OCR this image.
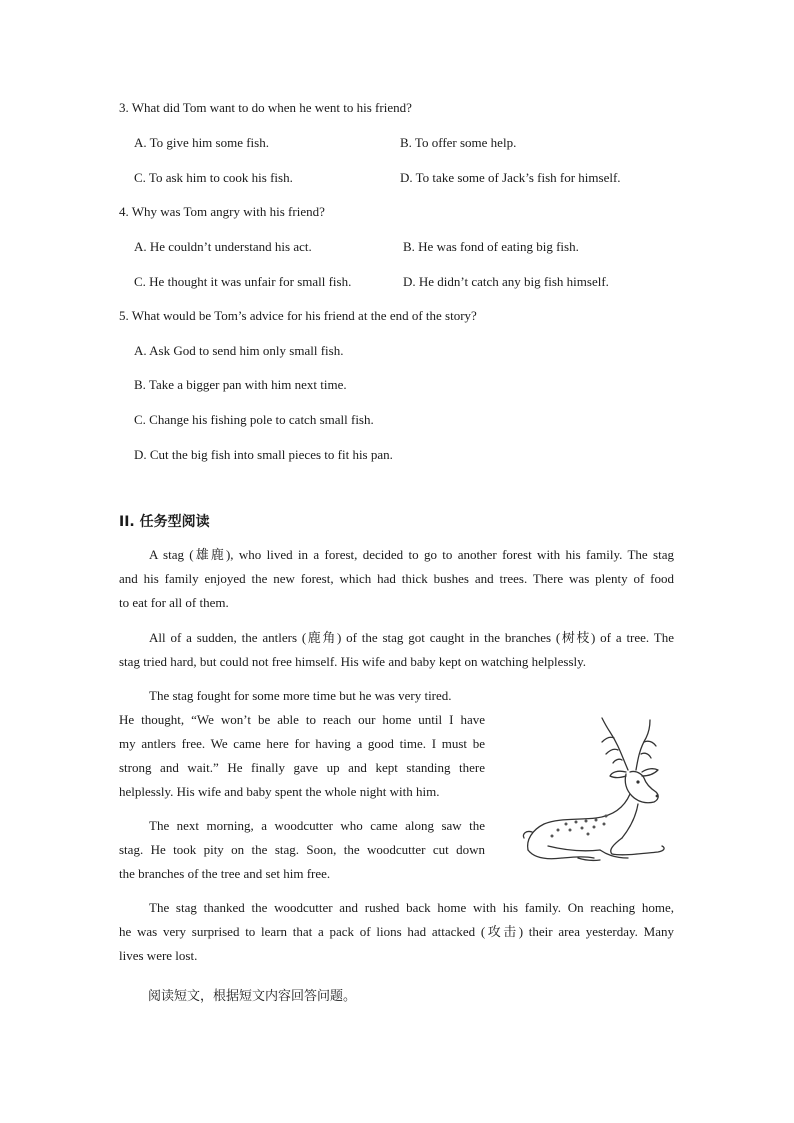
3. What did Tom want to do when he went to his friend?
A. To give him some fish.	B. To offer some help.
C. To ask him to cook his fish.	D. To take some of Jack’s fish for himself.
4. Why was Tom angry with his friend?
A. He couldn’t understand his act.	B. He was fond of eating big fish.
C. He thought it was unfair for small fish.	D. He didn’t catch any big fish himself.
5. What would be Tom’s advice for his friend at the end of the story?
A. Ask God to send him only small fish.
B. Take a bigger pan with him next time.
C. Change his fishing pole to catch small fish.
D. Cut the big fish into small pieces to fit his pan.
II. 任务型阅读
A stag (雄鹿), who lived in a forest, decided to go to another forest with his family. The stag
and his family enjoyed the new forest, which had thick bushes and trees. There was plenty of food
to eat for all of them.
All of a sudden, the antlers (鹿角) of the stag got caught in the branches (树枝) of a tree. The
stag tried hard, but could not free himself. His wife and baby kept on watching helplessly.
The stag fought for some more time but he was very tired.
He thought, “We won’t be able to reach our home until I have
my antlers free. We came here for having a good time. I must be
strong and wait.” He finally gave up and kept standing there
helplessly. His wife and baby spent the whole night with him.
The next morning, a woodcutter who came along saw the
stag. He took pity on the stag. Soon, the woodcutter cut down
the branches of the tree and set him free.
The stag thanked the woodcutter and rushed back home with his family. On reaching home,
he was very surprised to learn that a pack of lions had attacked (攻击) their area yesterday. Many
lives were lost.
阅读短文，根据短文内容回答问题。
